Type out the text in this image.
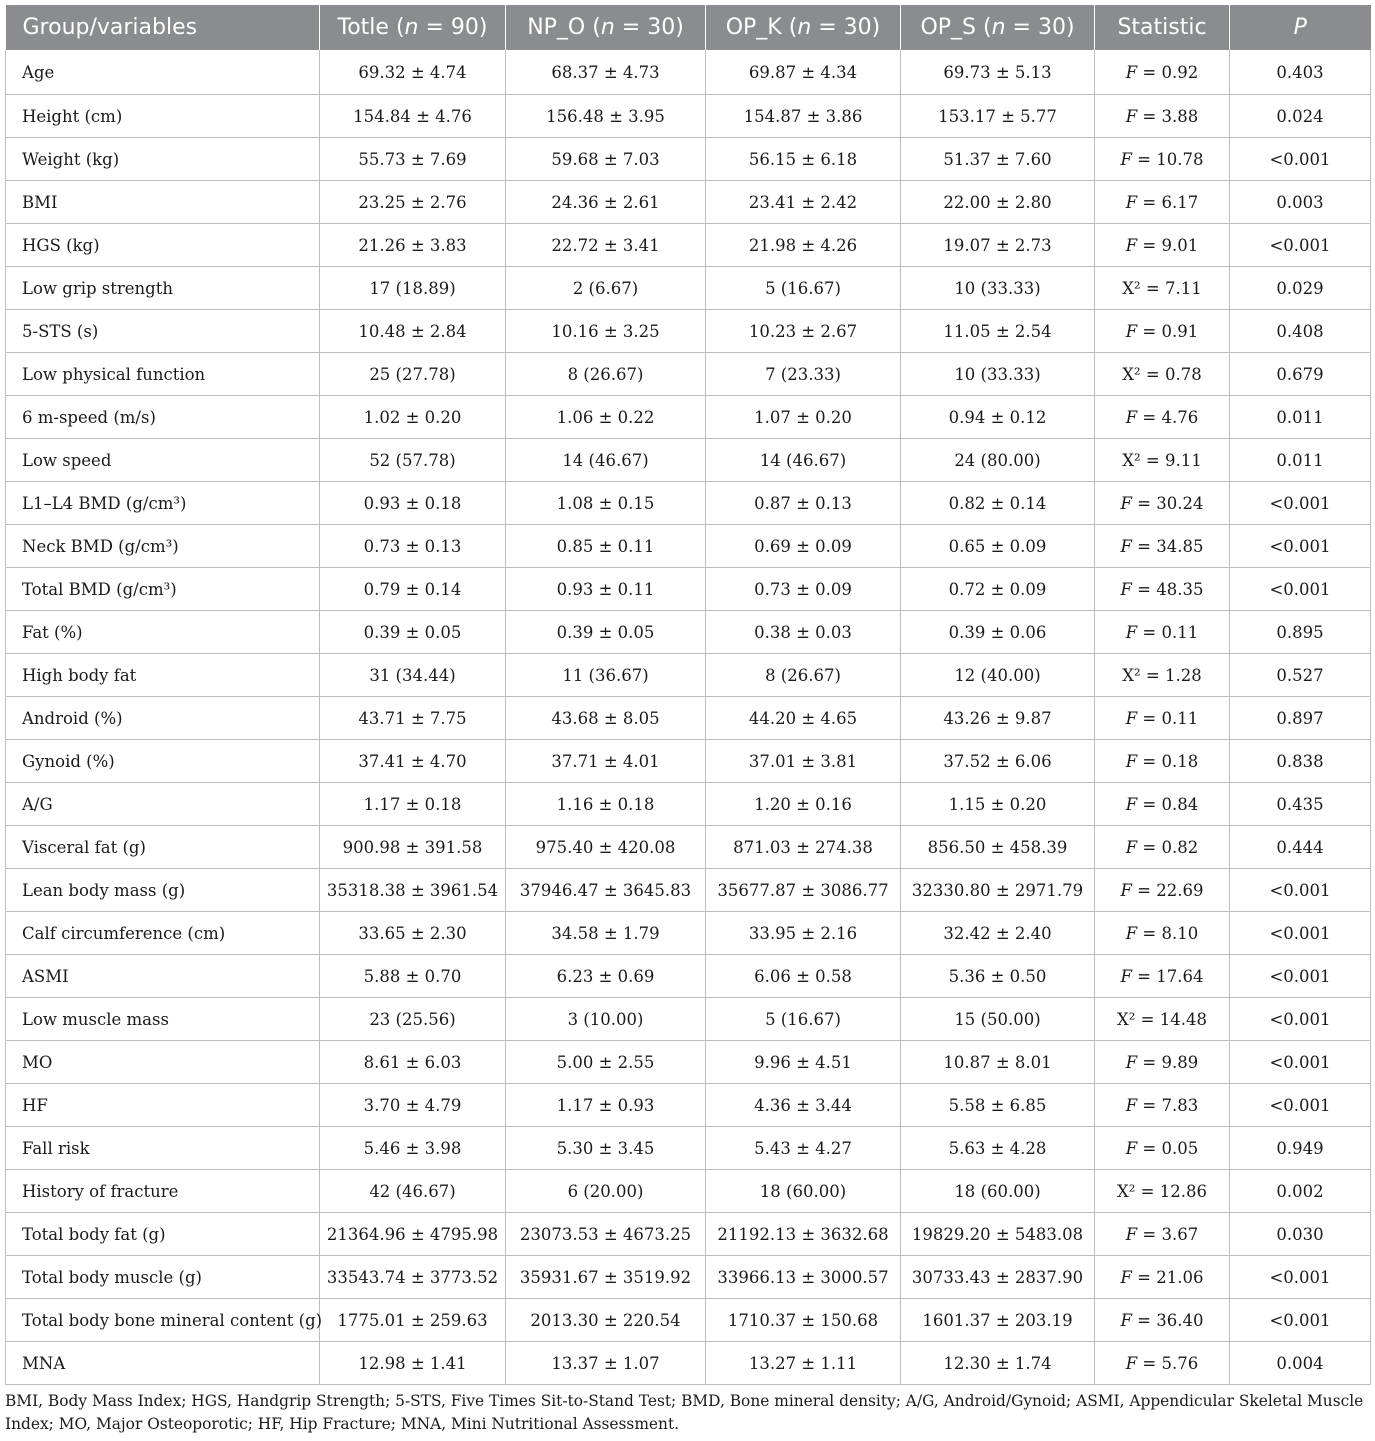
Group/variables	Totle (n = 90)	NP_O (n = 30)	OP_K (n = 30)	OP_S (n = 30)	Statistic	P
Age	69.32 ± 4.74	68.37 ± 4.73	69.87 ± 4.34	69.73 ± 5.13	F = 0.92	0.403
Height (cm)	154.84 ± 4.76	156.48 ± 3.95	154.87 ± 3.86	153.17 ± 5.77	F = 3.88	0.024
Weight (kg)	55.73 ± 7.69	59.68 ± 7.03	56.15 ± 6.18	51.37 ± 7.60	F = 10.78	<0.001
BMI	23.25 ± 2.76	24.36 ± 2.61	23.41 ± 2.42	22.00 ± 2.80	F = 6.17	0.003
HGS (kg)	21.26 ± 3.83	22.72 ± 3.41	21.98 ± 4.26	19.07 ± 2.73	F = 9.01	<0.001
Low grip strength	17 (18.89)	2 (6.67)	5 (16.67)	10 (33.33)	X² = 7.11	0.029
5-STS (s)	10.48 ± 2.84	10.16 ± 3.25	10.23 ± 2.67	11.05 ± 2.54	F = 0.91	0.408
Low physical function	25 (27.78)	8 (26.67)	7 (23.33)	10 (33.33)	X² = 0.78	0.679
6 m-speed (m/s)	1.02 ± 0.20	1.06 ± 0.22	1.07 ± 0.20	0.94 ± 0.12	F = 4.76	0.011
Low speed	52 (57.78)	14 (46.67)	14 (46.67)	24 (80.00)	X² = 9.11	0.011
L1–L4 BMD (g/cm³)	0.93 ± 0.18	1.08 ± 0.15	0.87 ± 0.13	0.82 ± 0.14	F = 30.24	<0.001
Neck BMD (g/cm³)	0.73 ± 0.13	0.85 ± 0.11	0.69 ± 0.09	0.65 ± 0.09	F = 34.85	<0.001
Total BMD (g/cm³)	0.79 ± 0.14	0.93 ± 0.11	0.73 ± 0.09	0.72 ± 0.09	F = 48.35	<0.001
Fat (%)	0.39 ± 0.05	0.39 ± 0.05	0.38 ± 0.03	0.39 ± 0.06	F = 0.11	0.895
High body fat	31 (34.44)	11 (36.67)	8 (26.67)	12 (40.00)	X² = 1.28	0.527
Android (%)	43.71 ± 7.75	43.68 ± 8.05	44.20 ± 4.65	43.26 ± 9.87	F = 0.11	0.897
Gynoid (%)	37.41 ± 4.70	37.71 ± 4.01	37.01 ± 3.81	37.52 ± 6.06	F = 0.18	0.838
A/G	1.17 ± 0.18	1.16 ± 0.18	1.20 ± 0.16	1.15 ± 0.20	F = 0.84	0.435
Visceral fat (g)	900.98 ± 391.58	975.40 ± 420.08	871.03 ± 274.38	856.50 ± 458.39	F = 0.82	0.444
Lean body mass (g)	35318.38 ± 3961.54	37946.47 ± 3645.83	35677.87 ± 3086.77	32330.80 ± 2971.79	F = 22.69	<0.001
Calf circumference (cm)	33.65 ± 2.30	34.58 ± 1.79	33.95 ± 2.16	32.42 ± 2.40	F = 8.10	<0.001
ASMI	5.88 ± 0.70	6.23 ± 0.69	6.06 ± 0.58	5.36 ± 0.50	F = 17.64	<0.001
Low muscle mass	23 (25.56)	3 (10.00)	5 (16.67)	15 (50.00)	X² = 14.48	<0.001
MO	8.61 ± 6.03	5.00 ± 2.55	9.96 ± 4.51	10.87 ± 8.01	F = 9.89	<0.001
HF	3.70 ± 4.79	1.17 ± 0.93	4.36 ± 3.44	5.58 ± 6.85	F = 7.83	<0.001
Fall risk	5.46 ± 3.98	5.30 ± 3.45	5.43 ± 4.27	5.63 ± 4.28	F = 0.05	0.949
History of fracture	42 (46.67)	6 (20.00)	18 (60.00)	18 (60.00)	X² = 12.86	0.002
Total body fat (g)	21364.96 ± 4795.98	23073.53 ± 4673.25	21192.13 ± 3632.68	19829.20 ± 5483.08	F = 3.67	0.030
Total body muscle (g)	33543.74 ± 3773.52	35931.67 ± 3519.92	33966.13 ± 3000.57	30733.43 ± 2837.90	F = 21.06	<0.001
Total body bone mineral content (g)	1775.01 ± 259.63	2013.30 ± 220.54	1710.37 ± 150.68	1601.37 ± 203.19	F = 36.40	<0.001
MNA	12.98 ± 1.41	13.37 ± 1.07	13.27 ± 1.11	12.30 ± 1.74	F = 5.76	0.004
BMI, Body Mass Index; HGS, Handgrip Strength; 5-STS, Five Times Sit-to-Stand Test; BMD, Bone mineral density; A/G, Android/Gynoid; ASMI, Appendicular Skeletal Muscle Index; MO, Major Osteoporotic; HF, Hip Fracture; MNA, Mini Nutritional Assessment.
